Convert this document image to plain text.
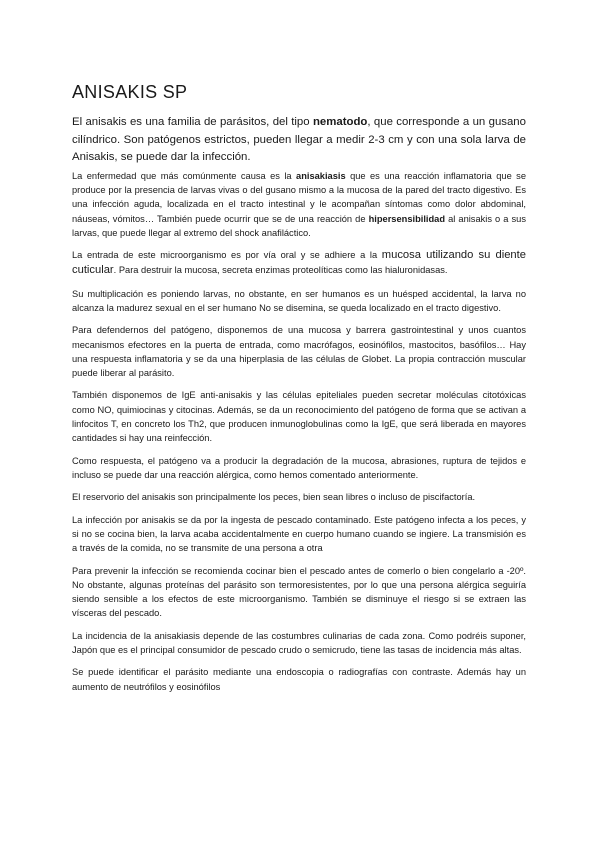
ANISAKIS SP

El anisakis es una familia de parásitos, del tipo nematodo, que corresponde a un gusano cilíndrico. Son patógenos estrictos, pueden llegar a medir 2-3 cm y con una sola larva de Anisakis, se puede dar la infección.

La enfermedad que más comúnmente causa es la anisakiasis que es una reacción inflamatoria que se produce por la presencia de larvas vivas o del gusano mismo a la mucosa de la pared del tracto digestivo. Es una infección aguda, localizada en el tracto intestinal y le acompañan síntomas como dolor abdominal, náuseas, vómitos… También puede ocurrir que se de una reacción de hipersensibilidad al anisakis o a sus larvas, que puede llegar al extremo del shock anafiláctico.

La entrada de este microorganismo es por vía oral y se adhiere a la mucosa utilizando su diente cuticular. Para destruir la mucosa, secreta enzimas proteolíticas como las hialuronidasas.

Su multiplicación es poniendo larvas, no obstante, en ser humanos es un huésped accidental, la larva no alcanza la madurez sexual en el ser humano No se disemina, se queda localizado en el tracto digestivo.

Para defendernos del patógeno, disponemos de una mucosa y barrera gastrointestinal y unos cuantos mecanismos efectores en la puerta de entrada, como macrófagos, eosinófilos, mastocitos, basófilos… Hay una respuesta inflamatoria y se da una hiperplasia de las células de Globet. La propia contracción muscular puede liberar al parásito.

También disponemos de IgE anti-anisakis y las células epiteliales pueden secretar moléculas citotóxicas como NO, quimiocinas y citocinas. Además, se da un reconocimiento del patógeno de forma que se activan a linfocitos T, en concreto los Th2, que producen inmunoglobulinas como la IgE, que será liberada en mayores cantidades si hay una reinfección.

Como respuesta, el patógeno va a producir la degradación de la mucosa, abrasiones, ruptura de tejidos e incluso se puede dar una reacción alérgica, como hemos comentado anteriormente.

El reservorio del anisakis son principalmente los peces, bien sean libres o incluso de piscifactoría.

La infección por anisakis se da por la ingesta de pescado contaminado. Este patógeno infecta a los peces, y si no se cocina bien, la larva acaba accidentalmente en cuerpo humano cuando se ingiere. La transmisión es a través de la comida, no se transmite de una persona a otra

Para prevenir la infección se recomienda cocinar bien el pescado antes de comerlo o bien congelarlo a -20º. No obstante, algunas proteínas del parásito son termoresistentes, por lo que una persona alérgica seguiría siendo sensible a los efectos de este microorganismo. También se disminuye el riesgo si se extraen las vísceras del pescado.

La incidencia de la anisakiasis depende de las costumbres culinarias de cada zona. Como podréis suponer, Japón que es el principal consumidor de pescado crudo o semicrudo, tiene las tasas de incidencia más altas.

Se puede identificar el parásito mediante una endoscopia o radiografías con contraste. Además hay un aumento de neutrófilos y eosinófilos
